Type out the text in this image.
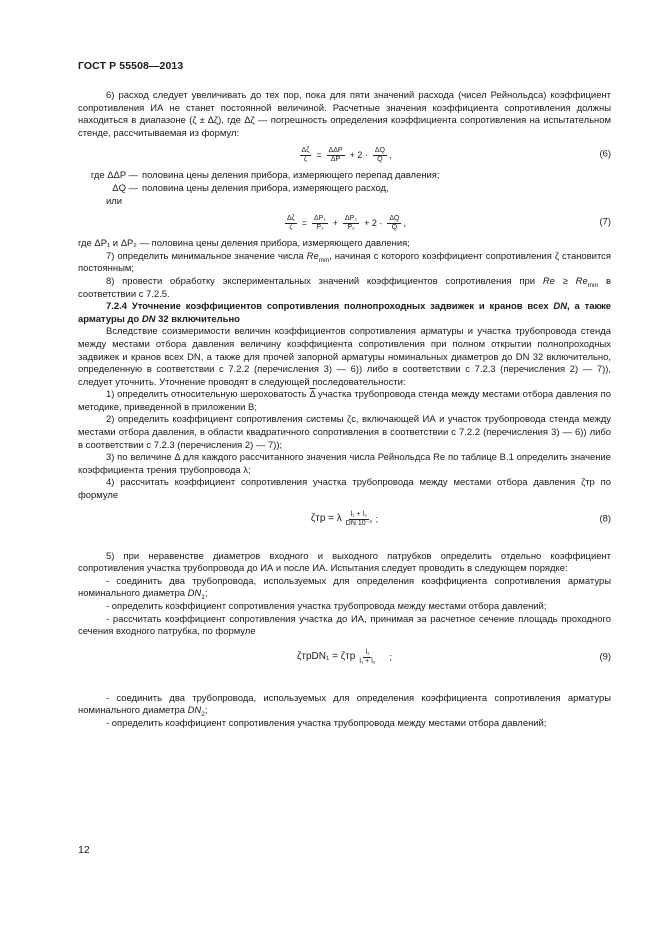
ГОСТ Р 55508—2013

6) расход следует увеличивать до тех пор, пока для пяти значений расхода (чисел Рейнольдса) коэффициент сопротивления ИА не станет постоянной величиной. Расчетные значения коэффициента сопротивления должны находиться в диапазоне (ζ ± Δζ), где Δζ — погрешность определения коэффициента сопротивления на испытательном стенде, рассчитываемая из формул:

$\frac{\Delta\zeta}{\zeta} = \frac{\text{ΔΔP}}{\Delta P} + 2 \cdot \frac{\Delta Q}{Q}$ ,	(6)
где ΔΔP — половина цены деления прибора, измеряющего перепад давления;
ΔQ — половина цены деления прибора, измеряющего расход,

или

$\frac{\Delta\zeta}{\zeta} = \frac{\text{ΔP₁}}{\text{P₁}} + \frac{\text{ΔP₂}}{\text{P₂}} + 2 \cdot \frac{\Delta Q}{Q}$ ,	(7)

где ΔP₁ и ΔP₂ — половина цены деления прибора, измеряющего давления;

7) определить минимальное значение числа $Re_{min}$, начиная с которого коэффициент сопротивления ζ становится постоянным;

8) провести обработку экспериментальных значений коэффициентов сопротивления при $Re \ge Re_{min}$ в соответствии с 7.2.5.

7.2.4 Уточнение коэффициентов сопротивления полнопроходных задвижек и кранов всех DN, а также арматуры до DN 32 включительно

Вследствие соизмеримости величин коэффициентов сопротивления арматуры и участка трубопровода стенда между местами отбора давления величину коэффициента сопротивления при полном открытии полнопроходных задвижек и кранов всех DN, а также для прочей запорной арматуры номинальных диаметров до DN 32 включительно, определенную в соответствии с 7.2.2 (перечисления 3) — 6)) либо в соответствии с 7.2.3 (перечисления 2) — 7)), следует уточнить. Уточнение проводят в следующей последовательности:

1) определить относительную шероховатость $\overline{\Delta}$ участка трубопровода стенда между местами отбора давления по методике, приведенной в приложении В;

2) определить коэффициент сопротивления системы ζc, включающей ИА и участок трубопровода стенда между местами отбора давления, в области квадратичного сопротивления в соответствии с 7.2.2 (перечисления 3) — 6)) либо в соответствии с 7.2.3 (перечисления 2) — 7));

3) по величине Δ для каждого рассчитанного значения числа Рейнольдса Re по таблице В.1 определить значение коэффициента трения трубопровода λ;

4) рассчитать коэффициент сопротивления участка трубопровода между местами отбора давления ζтр по формуле

ζтр = λ $\frac{\text{l₁ + l₂}}{\text{DN 10⁻³}}$ ;	(8)

5) при неравенстве диаметров входного и выходного патрубков определить отдельно коэффициент сопротивления участка трубопровода до ИА и после ИА. Испытания следует проводить в следующем порядке:

- соединить два трубопровода, используемых для определения коэффициента сопротивления арматуры номинального диаметра $DN_1$;

- определить коэффициент сопротивления участка трубопровода между местами отбора давлений;

- рассчитать коэффициент сопротивления участка до ИА, принимая за расчетное сечение площадь проходного сечения входного патрубка, по формуле

ζтрDN₁ = ζтр $\frac{\text{l₁}}{\text{l₁ + l₂}}$ ;	(9)

- соединить два трубопровода, используемых для определения коэффициента сопротивления арматуры номинального диаметра $DN_2$;

- определить коэффициент сопротивления участка трубопровода между местами отбора давлений;

12
